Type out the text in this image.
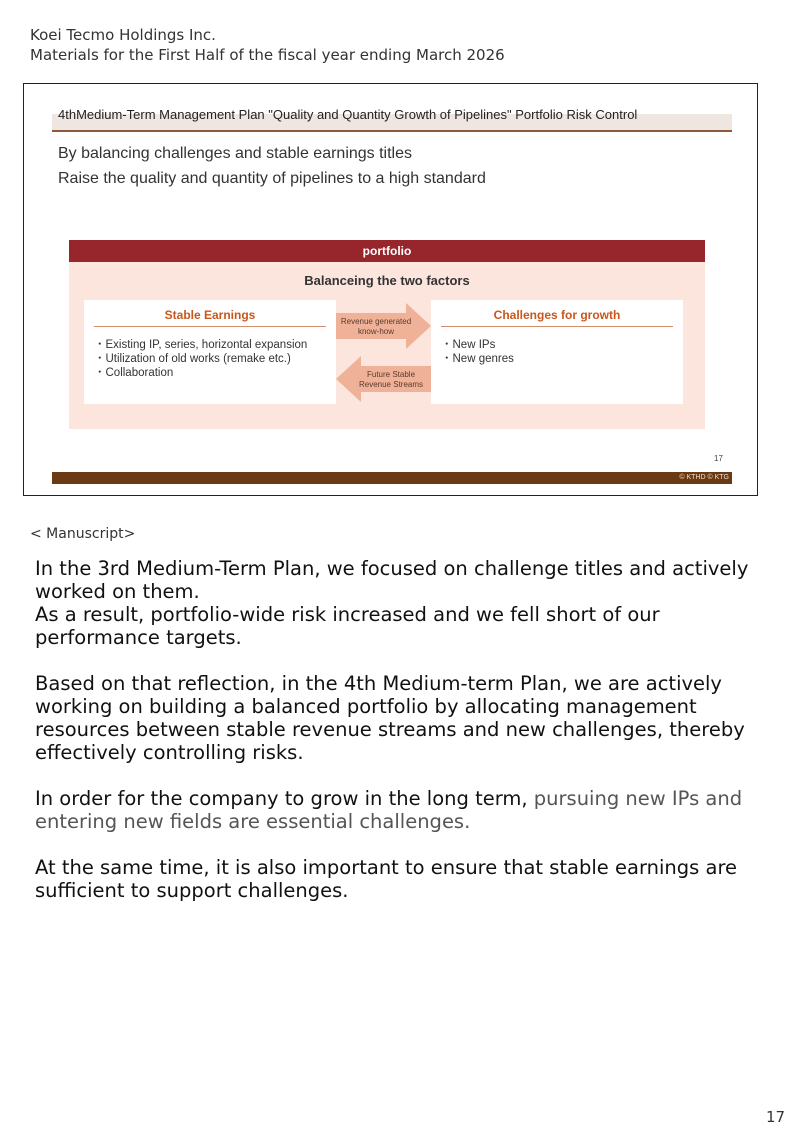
Koei Tecmo Holdings Inc.
Materials for the First Half of the fiscal year ending March 2026
4thMedium-Term Management Plan "Quality and Quantity Growth of Pipelines" Portfolio Risk Control
By balancing challenges and stable earnings titles
Raise the quality and quantity of pipelines to a high standard
portfolio
Balanceing the two factors
Stable Earnings
・Existing IP, series, horizontal expansion
・Utilization of old works (remake etc.)
・Collaboration
Revenue generated
know-how
Future Stable
Revenue Streams
Challenges for growth
・New IPs
・New genres
17
© KTHD © KTG
< Manuscript>

In the 3rd Medium-Term Plan, we focused on challenge titles and actively worked on them.
As a result, portfolio-wide risk increased and we fell short of our performance targets.

Based on that reflection, in the 4th Medium-term Plan, we are actively working on building a balanced portfolio by allocating management resources between stable revenue streams and new challenges, thereby effectively controlling risks.

In order for the company to grow in the long term, pursuing new IPs and entering new fields are essential challenges.

At the same time, it is also important to ensure that stable earnings are sufficient to support challenges.

17
